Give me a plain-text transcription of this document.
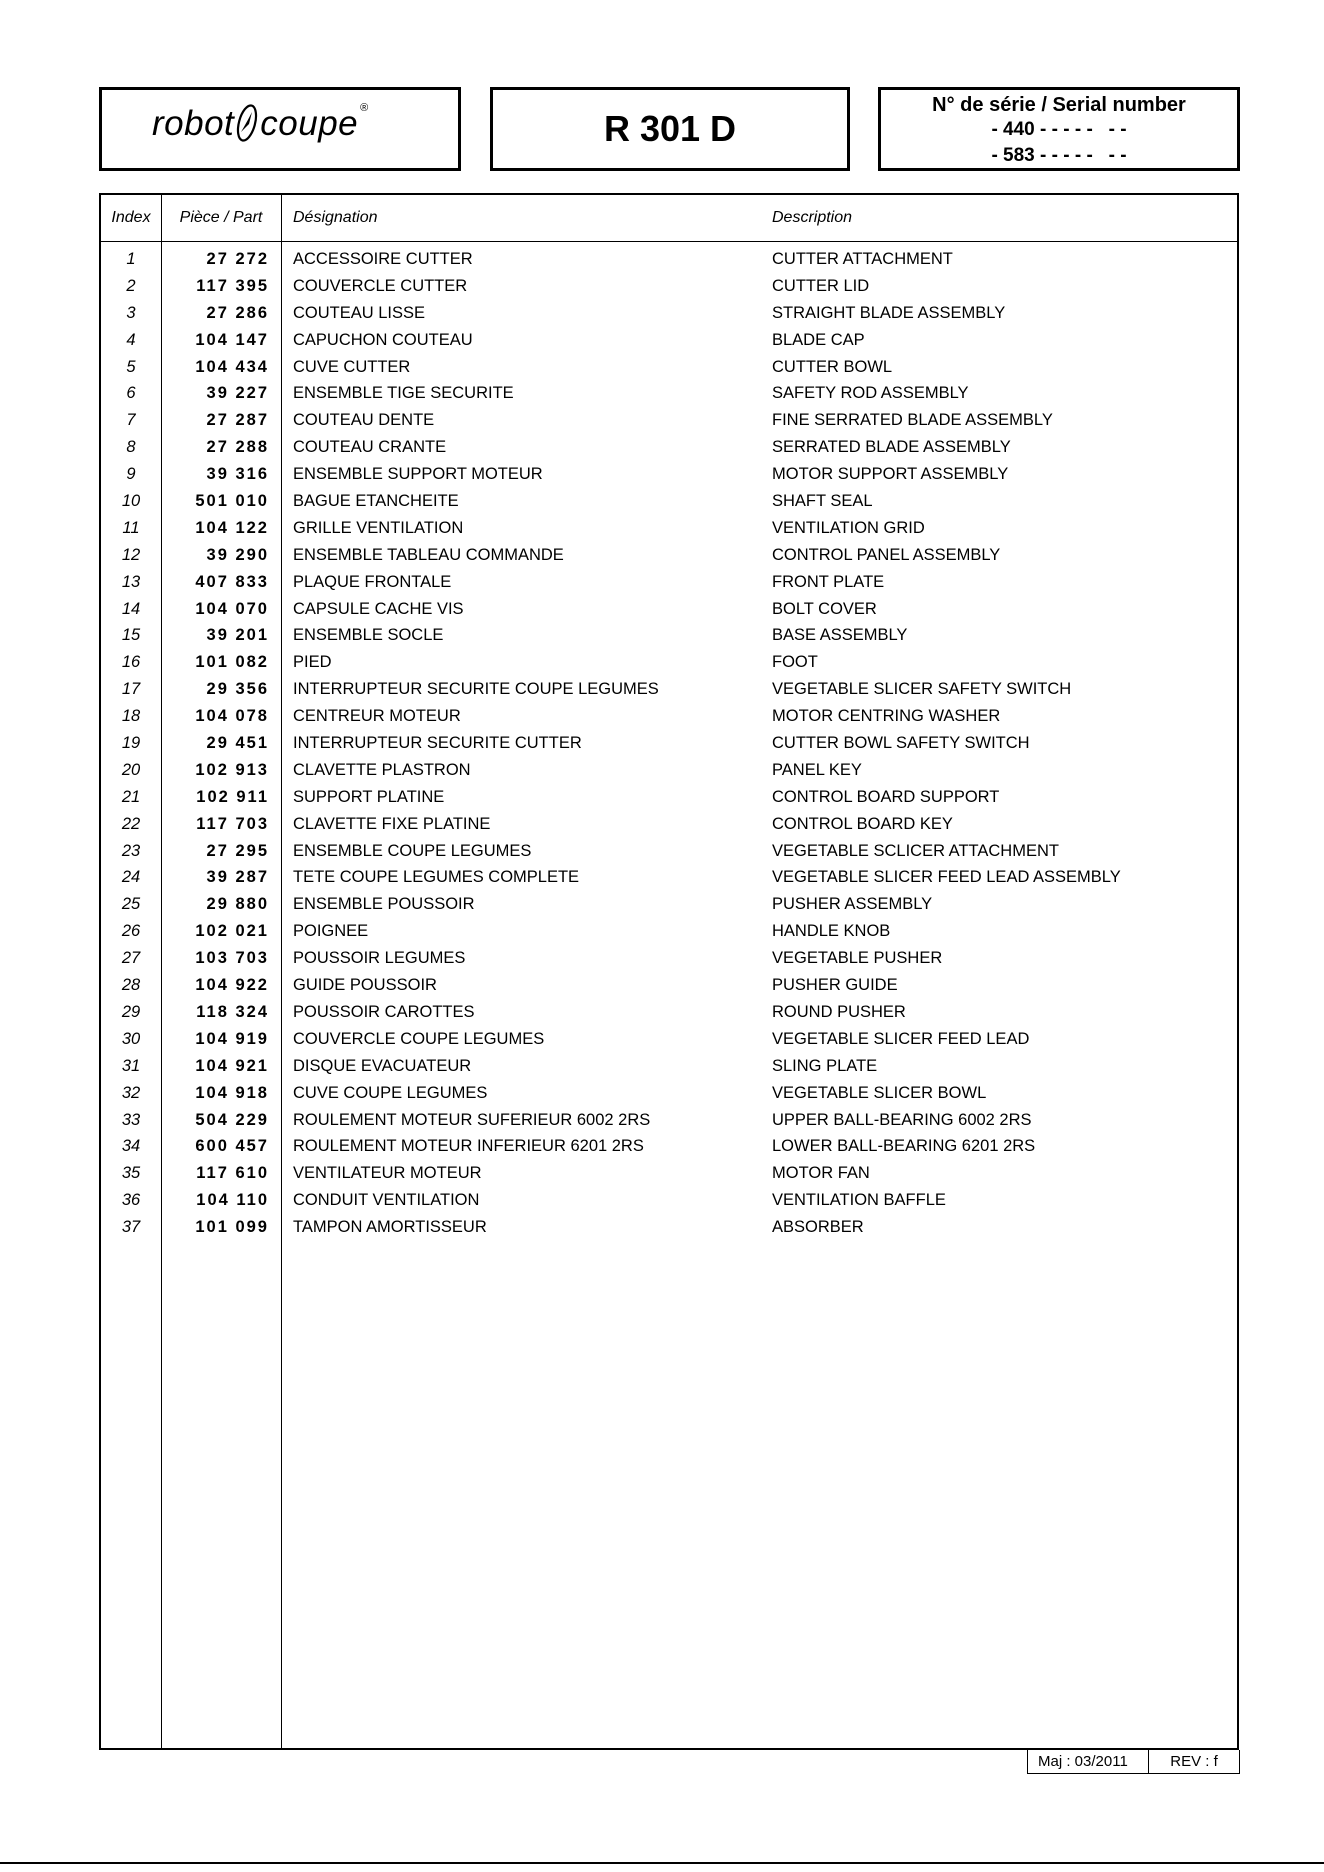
robot coupe ®	R 301 D
N° de série / Serial number
- 440 - - - - -   - -
- 583 - - - - -   - -
Index	Pièce / Part	Désignation	Description
1	27 272 ACCESSOIRE CUTTER	CUTTER ATTACHMENT
2	117 395 COUVERCLE CUTTER	CUTTER LID
3	27 286 COUTEAU LISSE	STRAIGHT BLADE ASSEMBLY
4	104 147 CAPUCHON COUTEAU	BLADE CAP
5	104 434 CUVE CUTTER	CUTTER BOWL
6	39 227 ENSEMBLE TIGE SECURITE	SAFETY ROD ASSEMBLY
7	27 287 COUTEAU DENTE	FINE SERRATED BLADE ASSEMBLY
8	27 288 COUTEAU CRANTE	SERRATED BLADE ASSEMBLY
9	39 316 ENSEMBLE SUPPORT MOTEUR	MOTOR SUPPORT ASSEMBLY
10	501 010 BAGUE ETANCHEITE	SHAFT SEAL
11	104 122 GRILLE VENTILATION	VENTILATION GRID
12	39 290 ENSEMBLE TABLEAU COMMANDE	CONTROL PANEL ASSEMBLY
13	407 833 PLAQUE FRONTALE	FRONT PLATE
14	104 070 CAPSULE CACHE VIS	BOLT COVER
15	39 201 ENSEMBLE SOCLE	BASE ASSEMBLY
16	101 082 PIED	FOOT
17	29 356 INTERRUPTEUR SECURITE COUPE LEGUMES	VEGETABLE SLICER SAFETY SWITCH
18	104 078 CENTREUR MOTEUR	MOTOR CENTRING WASHER
19	29 451 INTERRUPTEUR SECURITE CUTTER	CUTTER BOWL SAFETY SWITCH
20	102 913 CLAVETTE PLASTRON	PANEL KEY
21	102 911 SUPPORT PLATINE	CONTROL BOARD SUPPORT
22	117 703 CLAVETTE FIXE PLATINE	CONTROL BOARD KEY
23	27 295 ENSEMBLE COUPE LEGUMES	VEGETABLE SCLICER ATTACHMENT
24	39 287 TETE COUPE LEGUMES COMPLETE	VEGETABLE SLICER FEED LEAD ASSEMBLY
25	29 880 ENSEMBLE POUSSOIR	PUSHER ASSEMBLY
26	102 021 POIGNEE	HANDLE KNOB
27	103 703 POUSSOIR LEGUMES	VEGETABLE PUSHER
28	104 922 GUIDE POUSSOIR	PUSHER GUIDE
29	118 324 POUSSOIR CAROTTES	ROUND PUSHER
30	104 919 COUVERCLE COUPE LEGUMES	VEGETABLE SLICER FEED LEAD
31	104 921 DISQUE EVACUATEUR	SLING PLATE
32	104 918 CUVE COUPE LEGUMES	VEGETABLE SLICER BOWL
33	504 229 ROULEMENT MOTEUR SUFERIEUR 6002 2RS	UPPER BALL-BEARING 6002 2RS
34	600 457 ROULEMENT MOTEUR INFERIEUR 6201 2RS	LOWER BALL-BEARING 6201 2RS
35	117 610 VENTILATEUR MOTEUR	MOTOR FAN
36	104 110 CONDUIT VENTILATION	VENTILATION BAFFLE
37	101 099 TAMPON AMORTISSEUR	ABSORBER
Maj : 03/2011	REV : f
